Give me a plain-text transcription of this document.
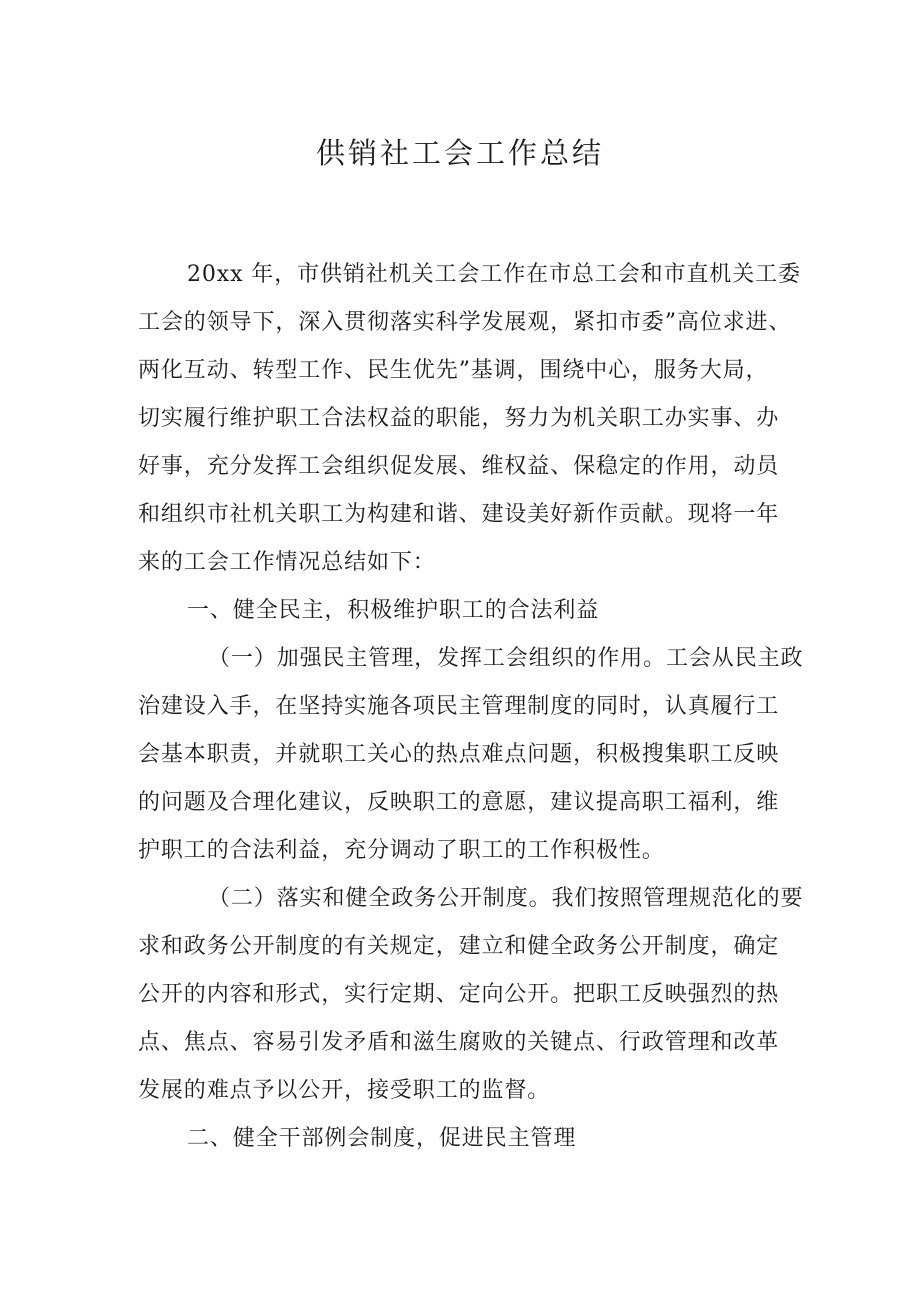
供销社工会工作总结
20xx 年，市供销社机关工会工作在市总工会和市直机关工委
工会的领导下，深入贯彻落实科学发展观，紧扣市委”高位求进、
两化互动、转型工作、民生优先”基调，围绕中心，服务大局，
切实履行维护职工合法权益的职能，努力为机关职工办实事、办
好事，充分发挥工会组织促发展、维权益、保稳定的作用，动员
和组织市社机关职工为构建和谐、建设美好新作贡献。现将一年
来的工会工作情况总结如下：
一、健全民主，积极维护职工的合法利益
（一）加强民主管理，发挥工会组织的作用。工会从民主政
治建设入手，在坚持实施各项民主管理制度的同时，认真履行工
会基本职责，并就职工关心的热点难点问题，积极搜集职工反映
的问题及合理化建议，反映职工的意愿，建议提高职工福利，维
护职工的合法利益，充分调动了职工的工作积极性。
（二）落实和健全政务公开制度。我们按照管理规范化的要
求和政务公开制度的有关规定，建立和健全政务公开制度，确定
公开的内容和形式，实行定期、定向公开。把职工反映强烈的热
点、焦点、容易引发矛盾和滋生腐败的关键点、行政管理和改革
发展的难点予以公开，接受职工的监督。
二、健全干部例会制度，促进民主管理
